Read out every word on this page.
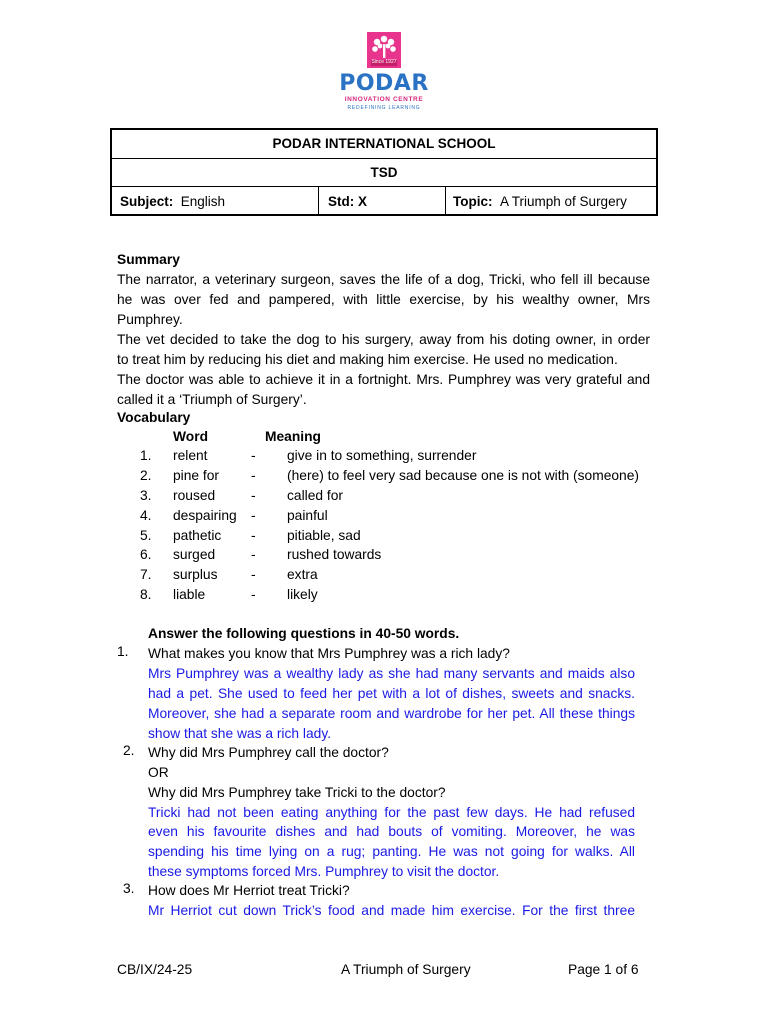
Since 1927
PODAR
INNOVATION CENTRE
REDEFINING LEARNING
PODAR INTERNATIONAL SCHOOL
TSD
Subject: English	Std: X	Topic: A Triumph of Surgery
Summary
The narrator, a veterinary surgeon, saves the life of a dog, Tricki, who fell ill because
he was over fed and pampered, with little exercise, by his wealthy owner, Mrs
Pumphrey.
The vet decided to take the dog to his surgery, away from his doting owner, in order
to treat him by reducing his diet and making him exercise. He used no medication.
The doctor was able to achieve it in a fortnight. Mrs. Pumphrey was very grateful and
called it a ‘Triumph of Surgery’.
Vocabulary
Word	Meaning
1. relent	- give in to something, surrender
2. pine for - (here) to feel very sad because one is not with (someone)
3. roused	- called for
4. despairing - painful
5. pathetic - pitiable, sad
6. surged	- rushed towards
7. surplus - extra
8. liable	- likely
Answer the following questions in 40-50 words.
1. What makes you know that Mrs Pumphrey was a rich lady?
Mrs Pumphrey was a wealthy lady as she had many servants and maids also
had a pet. She used to feed her pet with a lot of dishes, sweets and snacks.
Moreover, she had a separate room and wardrobe for her pet. All these things
show that she was a rich lady.
2. Why did Mrs Pumphrey call the doctor?
OR
Why did Mrs Pumphrey take Tricki to the doctor?
Tricki had not been eating anything for the past few days. He had refused
even his favourite dishes and had bouts of vomiting. Moreover, he was
spending his time lying on a rug; panting. He was not going for walks. All
these symptoms forced Mrs. Pumphrey to visit the doctor.
3. How does Mr Herriot treat Tricki?
Mr Herriot cut down Trick’s food and made him exercise. For the first three
CB/IX/24-25	A Triumph of Surgery	Page 1 of 6
